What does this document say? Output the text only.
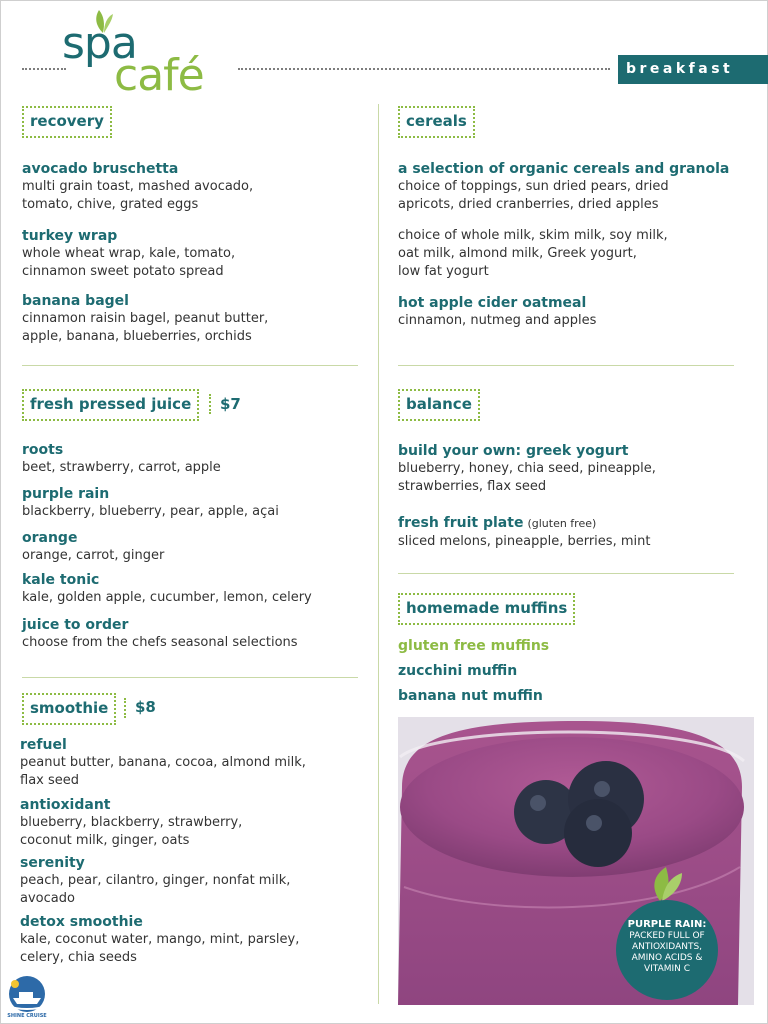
spa
café	breakfast
recovery
avocado bruschetta
multi grain toast, mashed avocado,
tomato, chive, grated eggs
turkey wrap
whole wheat wrap, kale, tomato,
cinnamon sweet potato spread
banana bagel
cinnamon raisin bagel, peanut butter,
apple, banana, blueberries, orchids
cereals
a selection of organic cereals and granola
choice of toppings, sun dried pears, dried
apricots, dried cranberries, dried apples
choice of whole milk, skim milk, soy milk,
oat milk, almond milk, Greek yogurt,
low fat yogurt
hot apple cider oatmeal
cinnamon, nutmeg and apples
fresh pressed juice	$7
roots
beet, strawberry, carrot, apple
purple rain
blackberry, blueberry, pear, apple, açai
orange
orange, carrot, ginger
kale tonic
kale, golden apple, cucumber, lemon, celery
juice to order
choose from the chefs seasonal selections
balance
build your own: greek yogurt
blueberry, honey, chia seed, pineapple,
strawberries, flax seed
fresh fruit plate (gluten free)
sliced melons, pineapple, berries, mint
smoothie	$8
refuel
peanut butter, banana, cocoa, almond milk,
flax seed
antioxidant
blueberry, blackberry, strawberry,
coconut milk, ginger, oats
serenity
peach, pear, cilantro, ginger, nonfat milk,
avocado
detox smoothie
kale, coconut water, mango, mint, parsley,
celery, chia seeds
homemade muffins
gluten free muffins
zucchini muffin
banana nut muffin
PURPLE RAIN:
PACKED FULL OF
ANTIOXIDANTS,
AMINO ACIDS &
VITAMIN C
SHINE CRUISE
